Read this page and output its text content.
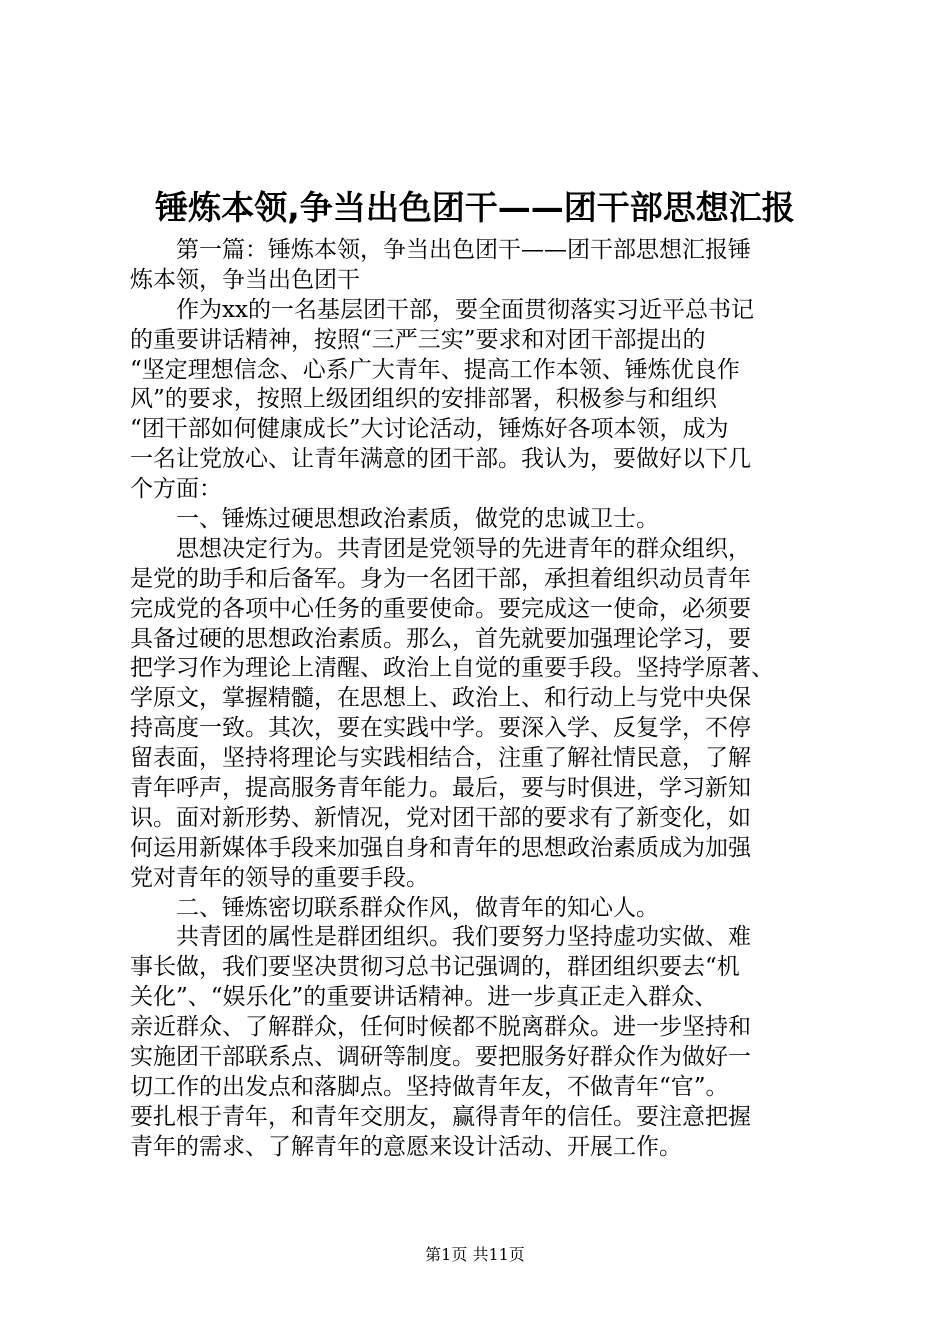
锤炼本领,争当出色团干——团干部思想汇报
　　第一篇：锤炼本领，争当出色团干——团干部思想汇报锤
炼本领，争当出色团干
　　作为xx的一名基层团干部，要全面贯彻落实习近平总书记
的重要讲话精神，按照“三严三实”要求和对团干部提出的
“坚定理想信念、心系广大青年、提高工作本领、锤炼优良作
风”的要求，按照上级团组织的安排部署，积极参与和组织
“团干部如何健康成长”大讨论活动，锤炼好各项本领，成为
一名让党放心、让青年满意的团干部。我认为，要做好以下几
个方面：
　　一、锤炼过硬思想政治素质，做党的忠诚卫士。
　　思想决定行为。共青团是党领导的先进青年的群众组织，
是党的助手和后备军。身为一名团干部，承担着组织动员青年
完成党的各项中心任务的重要使命。要完成这一使命，必须要
具备过硬的思想政治素质。那么，首先就要加强理论学习，要
把学习作为理论上清醒、政治上自觉的重要手段。坚持学原著、
学原文，掌握精髓，在思想上、政治上、和行动上与党中央保
持高度一致。其次，要在实践中学。要深入学、反复学，不停
留表面，坚持将理论与实践相结合，注重了解社情民意，了解
青年呼声，提高服务青年能力。最后，要与时俱进，学习新知
识。面对新形势、新情况，党对团干部的要求有了新变化，如
何运用新媒体手段来加强自身和青年的思想政治素质成为加强
党对青年的领导的重要手段。
　　二、锤炼密切联系群众作风，做青年的知心人。
　　共青团的属性是群团组织。我们要努力坚持虚功实做、难
事长做，我们要坚决贯彻习总书记强调的，群团组织要去“机
关化”、“娱乐化”的重要讲话精神。进一步真正走入群众、
亲近群众、了解群众，任何时候都不脱离群众。进一步坚持和
实施团干部联系点、调研等制度。要把服务好群众作为做好一
切工作的出发点和落脚点。坚持做青年友，不做青年“官”。
要扎根于青年，和青年交朋友，赢得青年的信任。要注意把握
青年的需求、了解青年的意愿来设计活动、开展工作。
第1页 共11页
